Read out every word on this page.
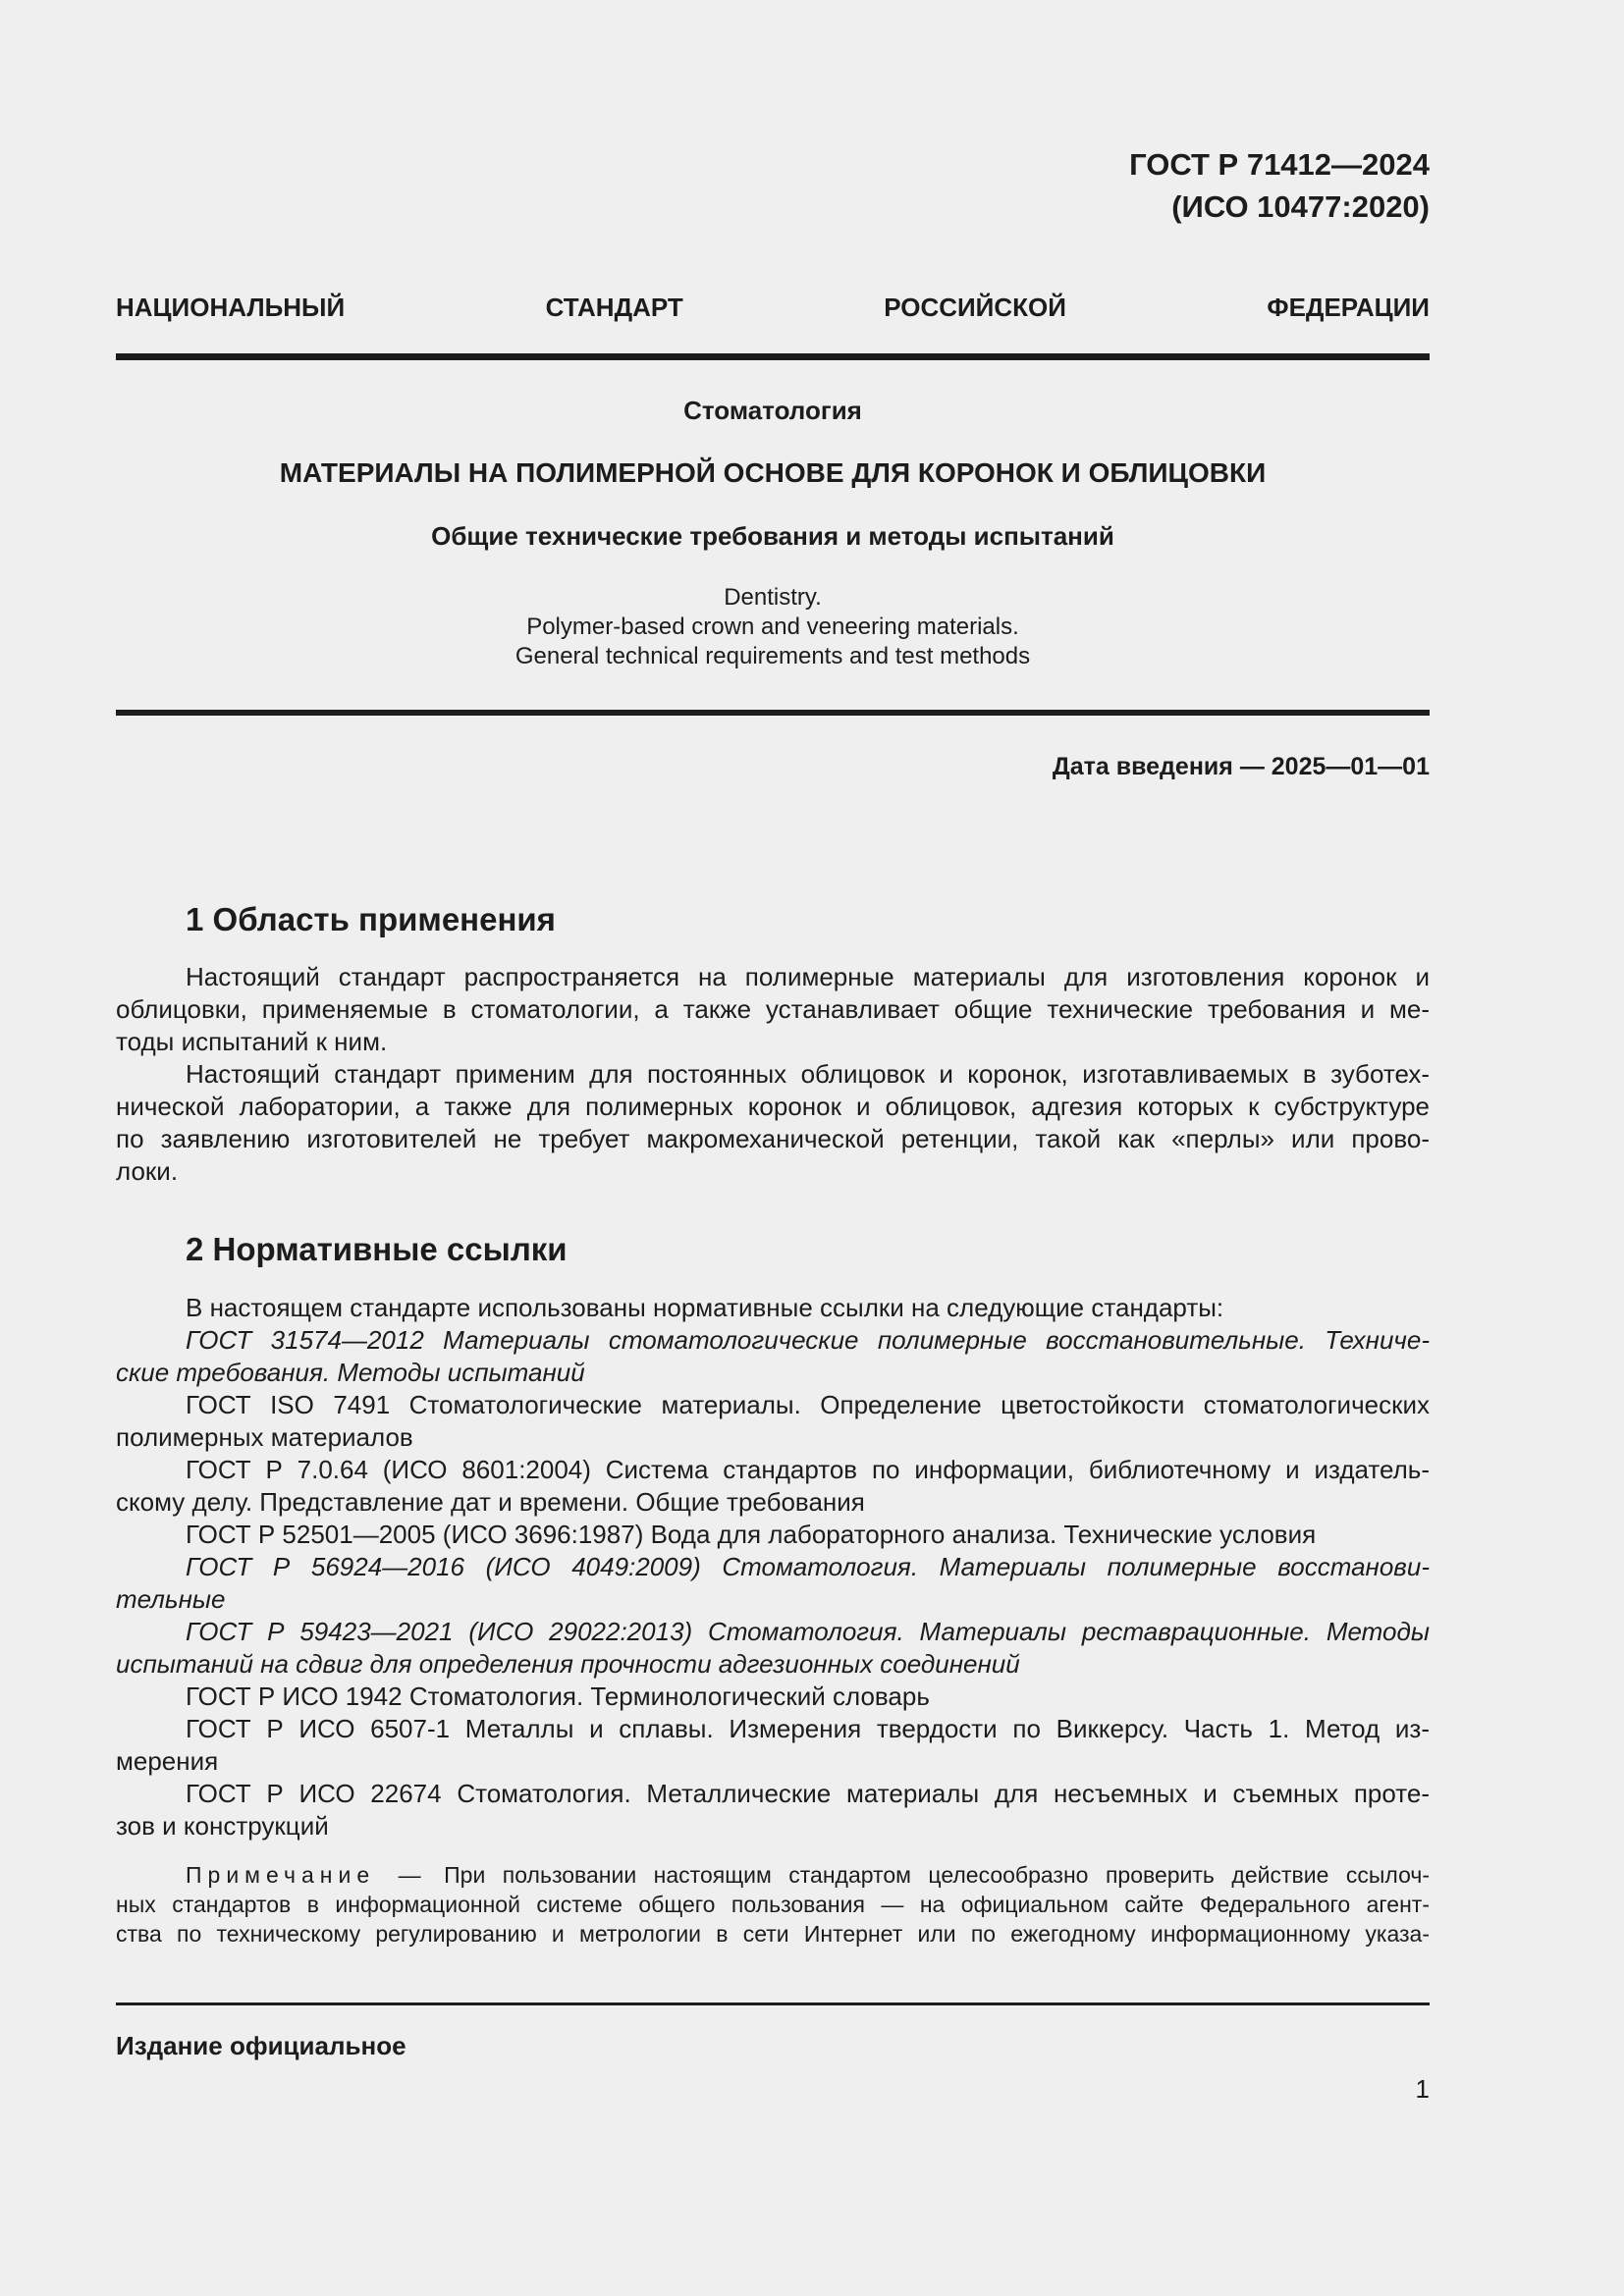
ГОСТ Р 71412—2024
(ИСО 10477:2020)
НАЦИОНАЛЬНЫЙ СТАНДАРТ РОССИЙСКОЙ ФЕДЕРАЦИИ
Стоматология
МАТЕРИАЛЫ НА ПОЛИМЕРНОЙ ОСНОВЕ ДЛЯ КОРОНОК И ОБЛИЦОВКИ
Общие технические требования и методы испытаний
Dentistry.
Polymer-based crown and veneering materials.
General technical requirements and test methods
Дата введения — 2025—01—01
1 Область применения
Настоящий стандарт распространяется на полимерные материалы для изготовления коронок и
облицовки, применяемые в стоматологии, а также устанавливает общие технические требования и ме-
тоды испытаний к ним.
Настоящий стандарт применим для постоянных облицовок и коронок, изготавливаемых в зуботех-
нической лаборатории, а также для полимерных коронок и облицовок, адгезия которых к субструктуре
по заявлению изготовителей не требует макромеханической ретенции, такой как «перлы» или прово-
локи.
2 Нормативные ссылки
В настоящем стандарте использованы нормативные ссылки на следующие стандарты:
ГОСТ 31574—2012 Материалы стоматологические полимерные восстановительные. Техниче-
ские требования. Методы испытаний
ГОСТ ISO 7491 Стоматологические материалы. Определение цветостойкости стоматологических
полимерных материалов
ГОСТ Р 7.0.64 (ИСО 8601:2004) Система стандартов по информации, библиотечному и издатель-
скому делу. Представление дат и времени. Общие требования
ГОСТ Р 52501—2005 (ИСО 3696:1987) Вода для лабораторного анализа. Технические условия
ГОСТ Р 56924—2016 (ИСО 4049:2009) Стоматология. Материалы полимерные восстанови-
тельные
ГОСТ Р 59423—2021 (ИСО 29022:2013) Стоматология. Материалы реставрационные. Методы
испытаний на сдвиг для определения прочности адгезионных соединений
ГОСТ Р ИСО 1942 Стоматология. Терминологический словарь
ГОСТ Р ИСО 6507-1 Металлы и сплавы. Измерения твердости по Виккерсу. Часть 1. Метод из-
мерения
ГОСТ Р ИСО 22674 Стоматология. Металлические материалы для несъемных и съемных проте-
зов и конструкций
Примечание — При пользовании настоящим стандартом целесообразно проверить действие ссылоч-
ных стандартов в информационной системе общего пользования — на официальном сайте Федерального агент-
ства по техническому регулированию и метрологии в сети Интернет или по ежегодному информационному указа-
Издание официальное
1
